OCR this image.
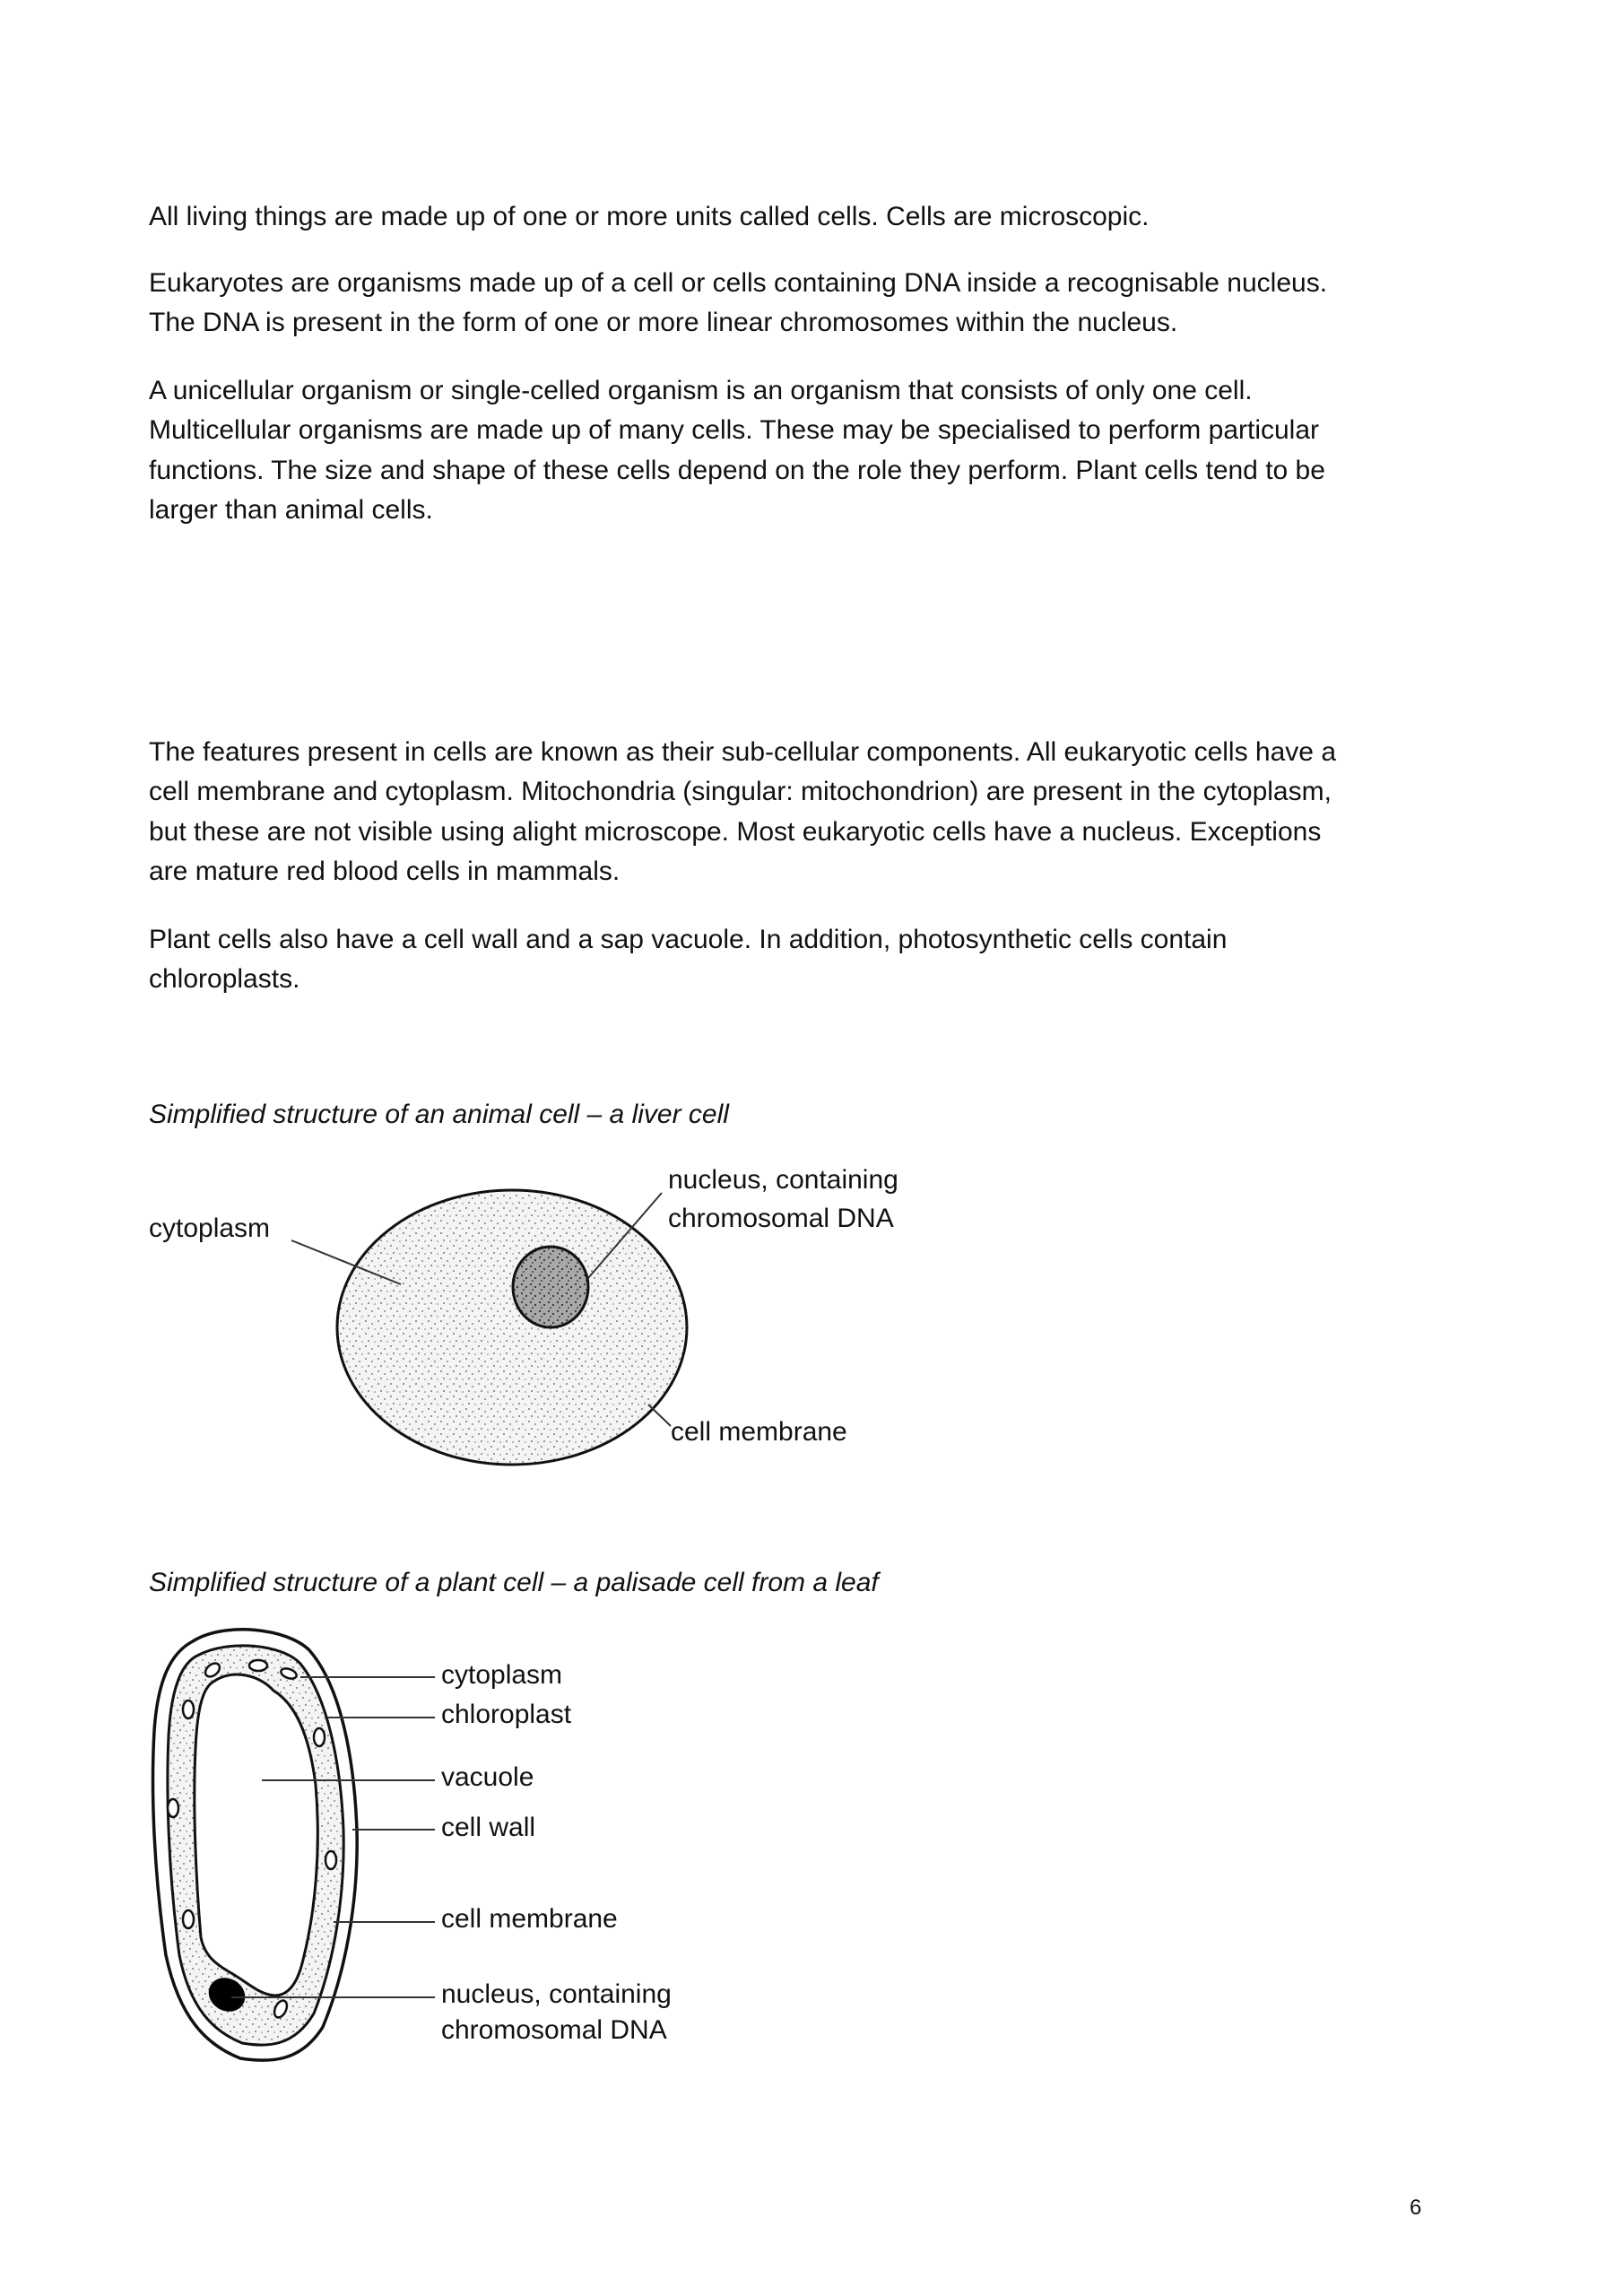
All living things are made up of one or more units called cells. Cells are microscopic.

Eukaryotes are organisms made up of a cell or cells containing DNA inside a recognisable nucleus.

The DNA is present in the form of one or more linear chromosomes within the nucleus.

A unicellular organism or single-celled organism is an organism that consists of only one cell.

Multicellular organisms are made up of many cells. These may be specialised to perform particular

functions. The size and shape of these cells depend on the role they perform. Plant cells tend to be

larger than animal cells.

The features present in cells are known as their sub-cellular components. All eukaryotic cells have a

cell membrane and cytoplasm. Mitochondria (singular: mitochondrion) are present in the cytoplasm,

but these are not visible using alight microscope. Most eukaryotic cells have a nucleus. Exceptions

are mature red blood cells in mammals.

Plant cells also have a cell wall and a sap vacuole. In addition, photosynthetic cells contain

chloroplasts.

Simplified structure of an animal cell – a liver cell

cytoplasm
nucleus, containing
chromosomal DNA
cell membrane

Simplified structure of a plant cell – a palisade cell from a leaf

cytoplasm
chloroplast
vacuole
cell wall
cell membrane
nucleus, containing
chromosomal DNA
6
